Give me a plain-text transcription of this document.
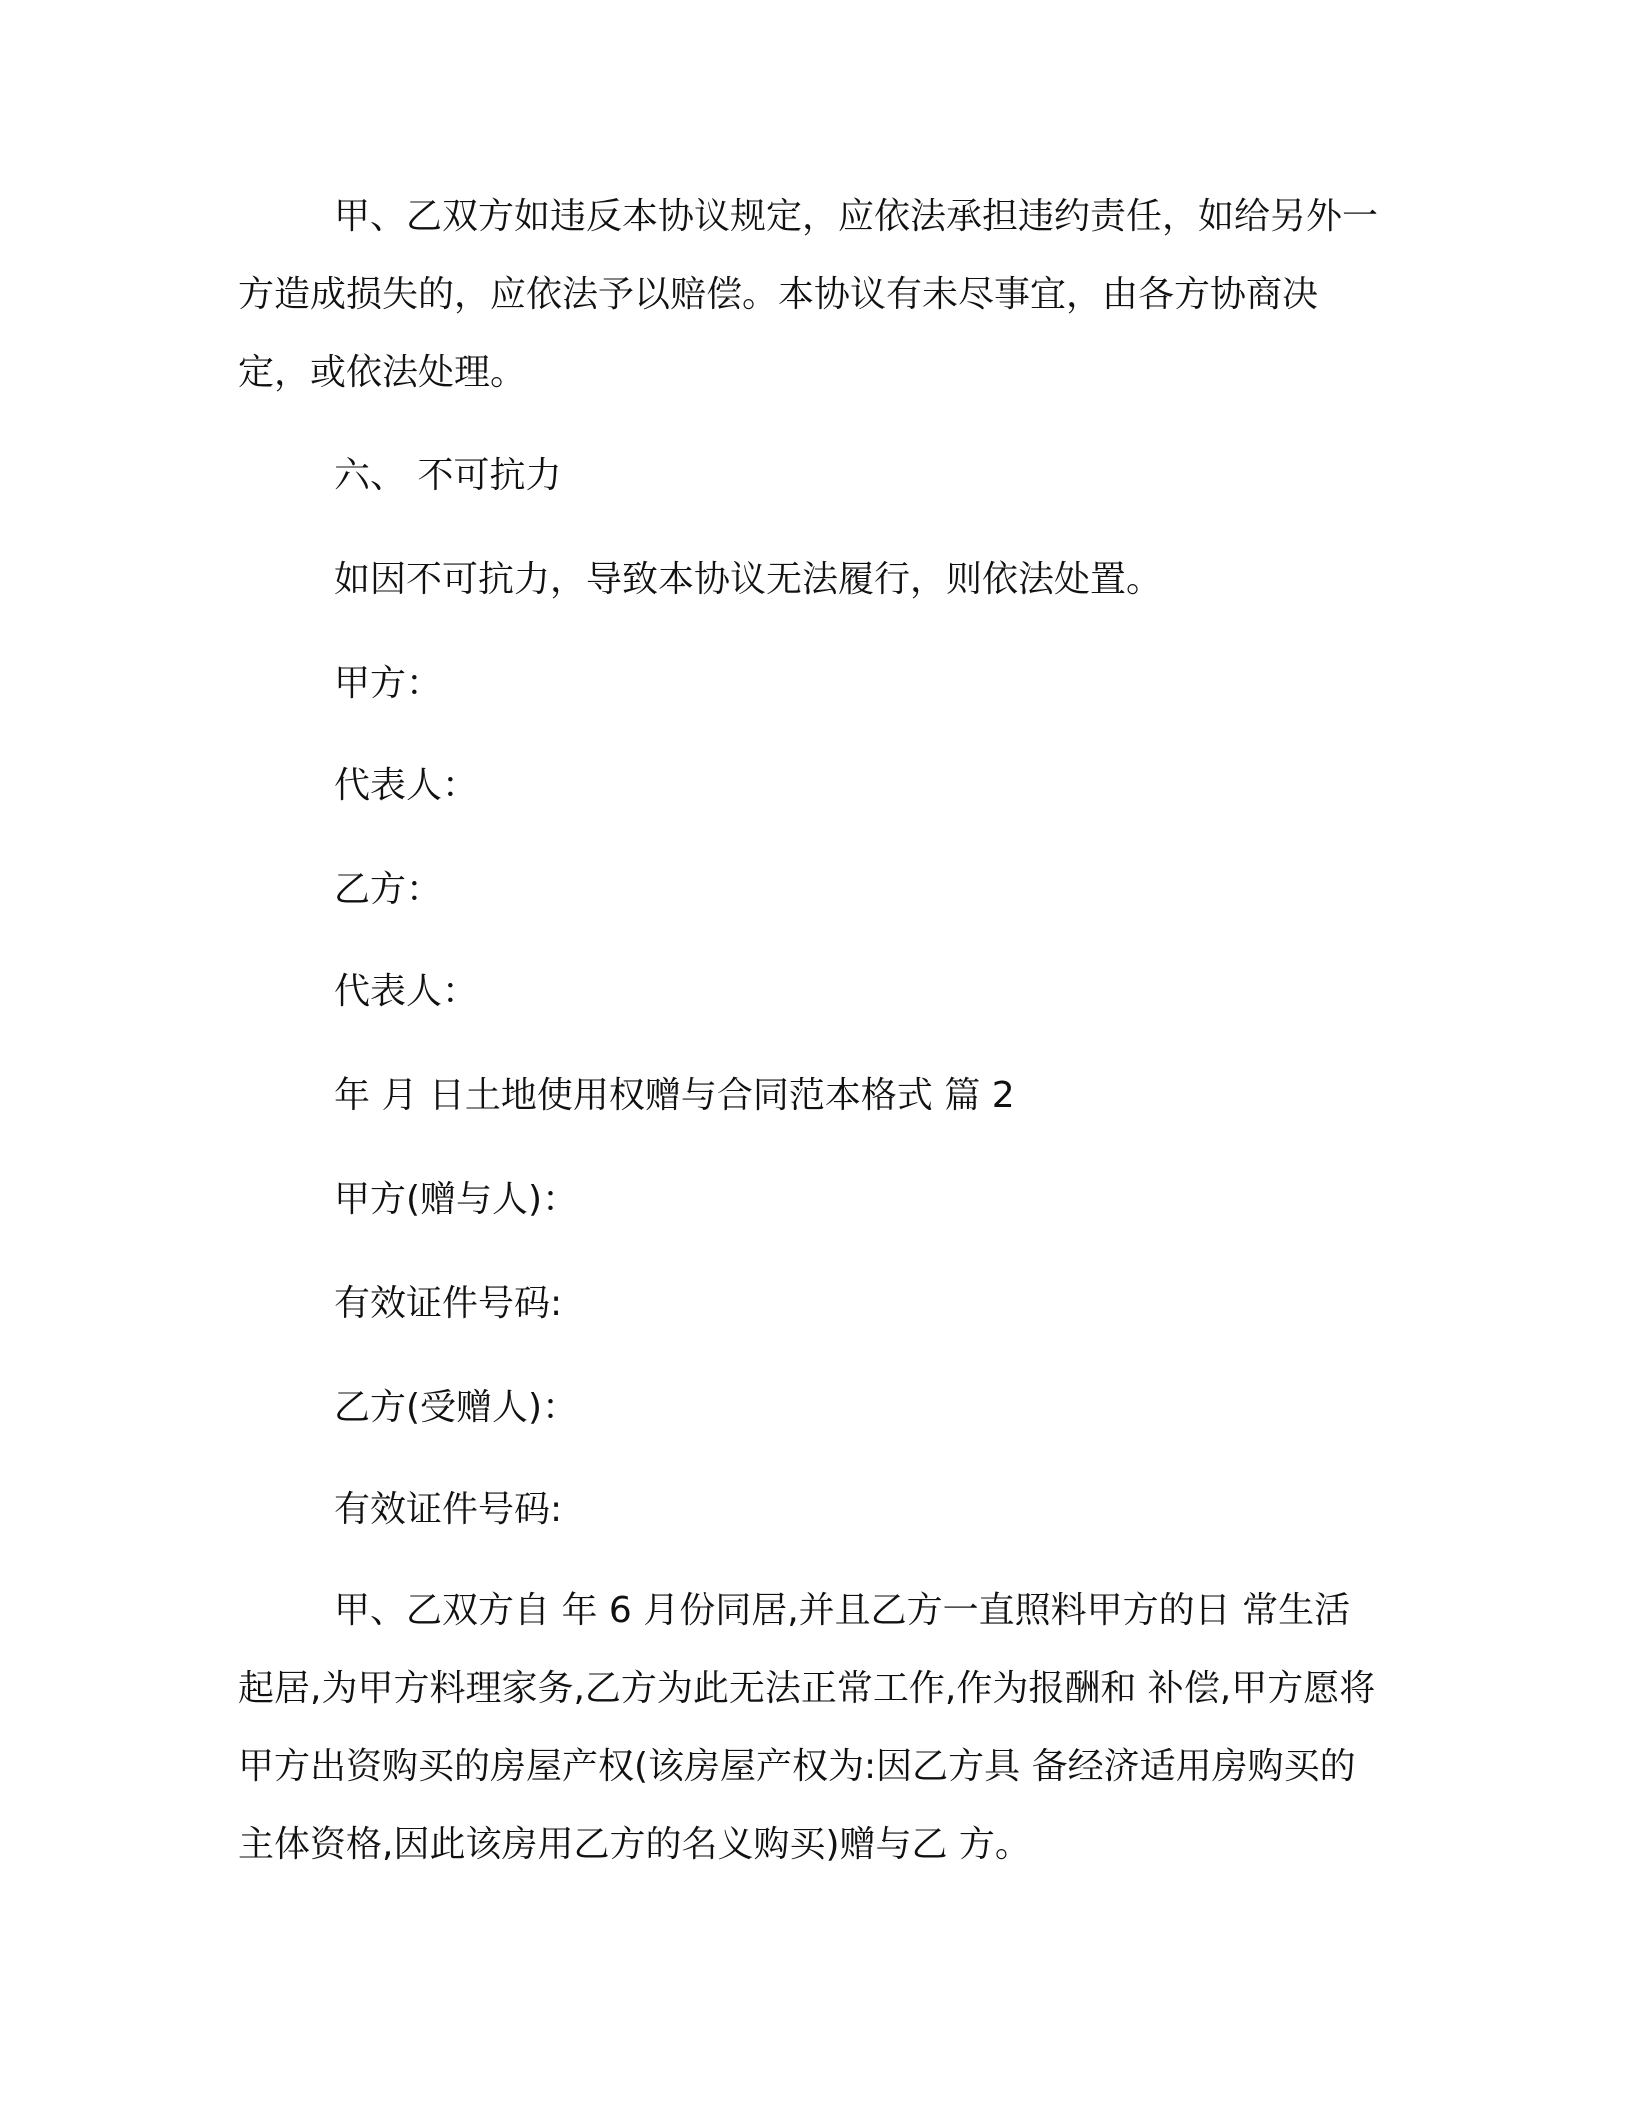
甲、乙双方如违反本协议规定，应依法承担违约责任，如给另外一方造成损失的，应依法予以赔偿。本协议有未尽事宜，由各方协商决定，或依法处理。

六、 不可抗力

如因不可抗力，导致本协议无法履行，则依法处置。

甲方：

代表人：

乙方：

代表人：

年 月 日土地使用权赠与合同范本格式 篇 2

甲方(赠与人)：

有效证件号码:

乙方(受赠人)：

有效证件号码:

甲、乙双方自 年 6 月份同居,并且乙方一直照料甲方的日 常生活起居,为甲方料理家务,乙方为此无法正常工作,作为报酬和 补偿,甲方愿将甲方出资购买的房屋产权(该房屋产权为:因乙方具 备经济适用房购买的主体资格,因此该房用乙方的名义购买)赠与乙 方。
